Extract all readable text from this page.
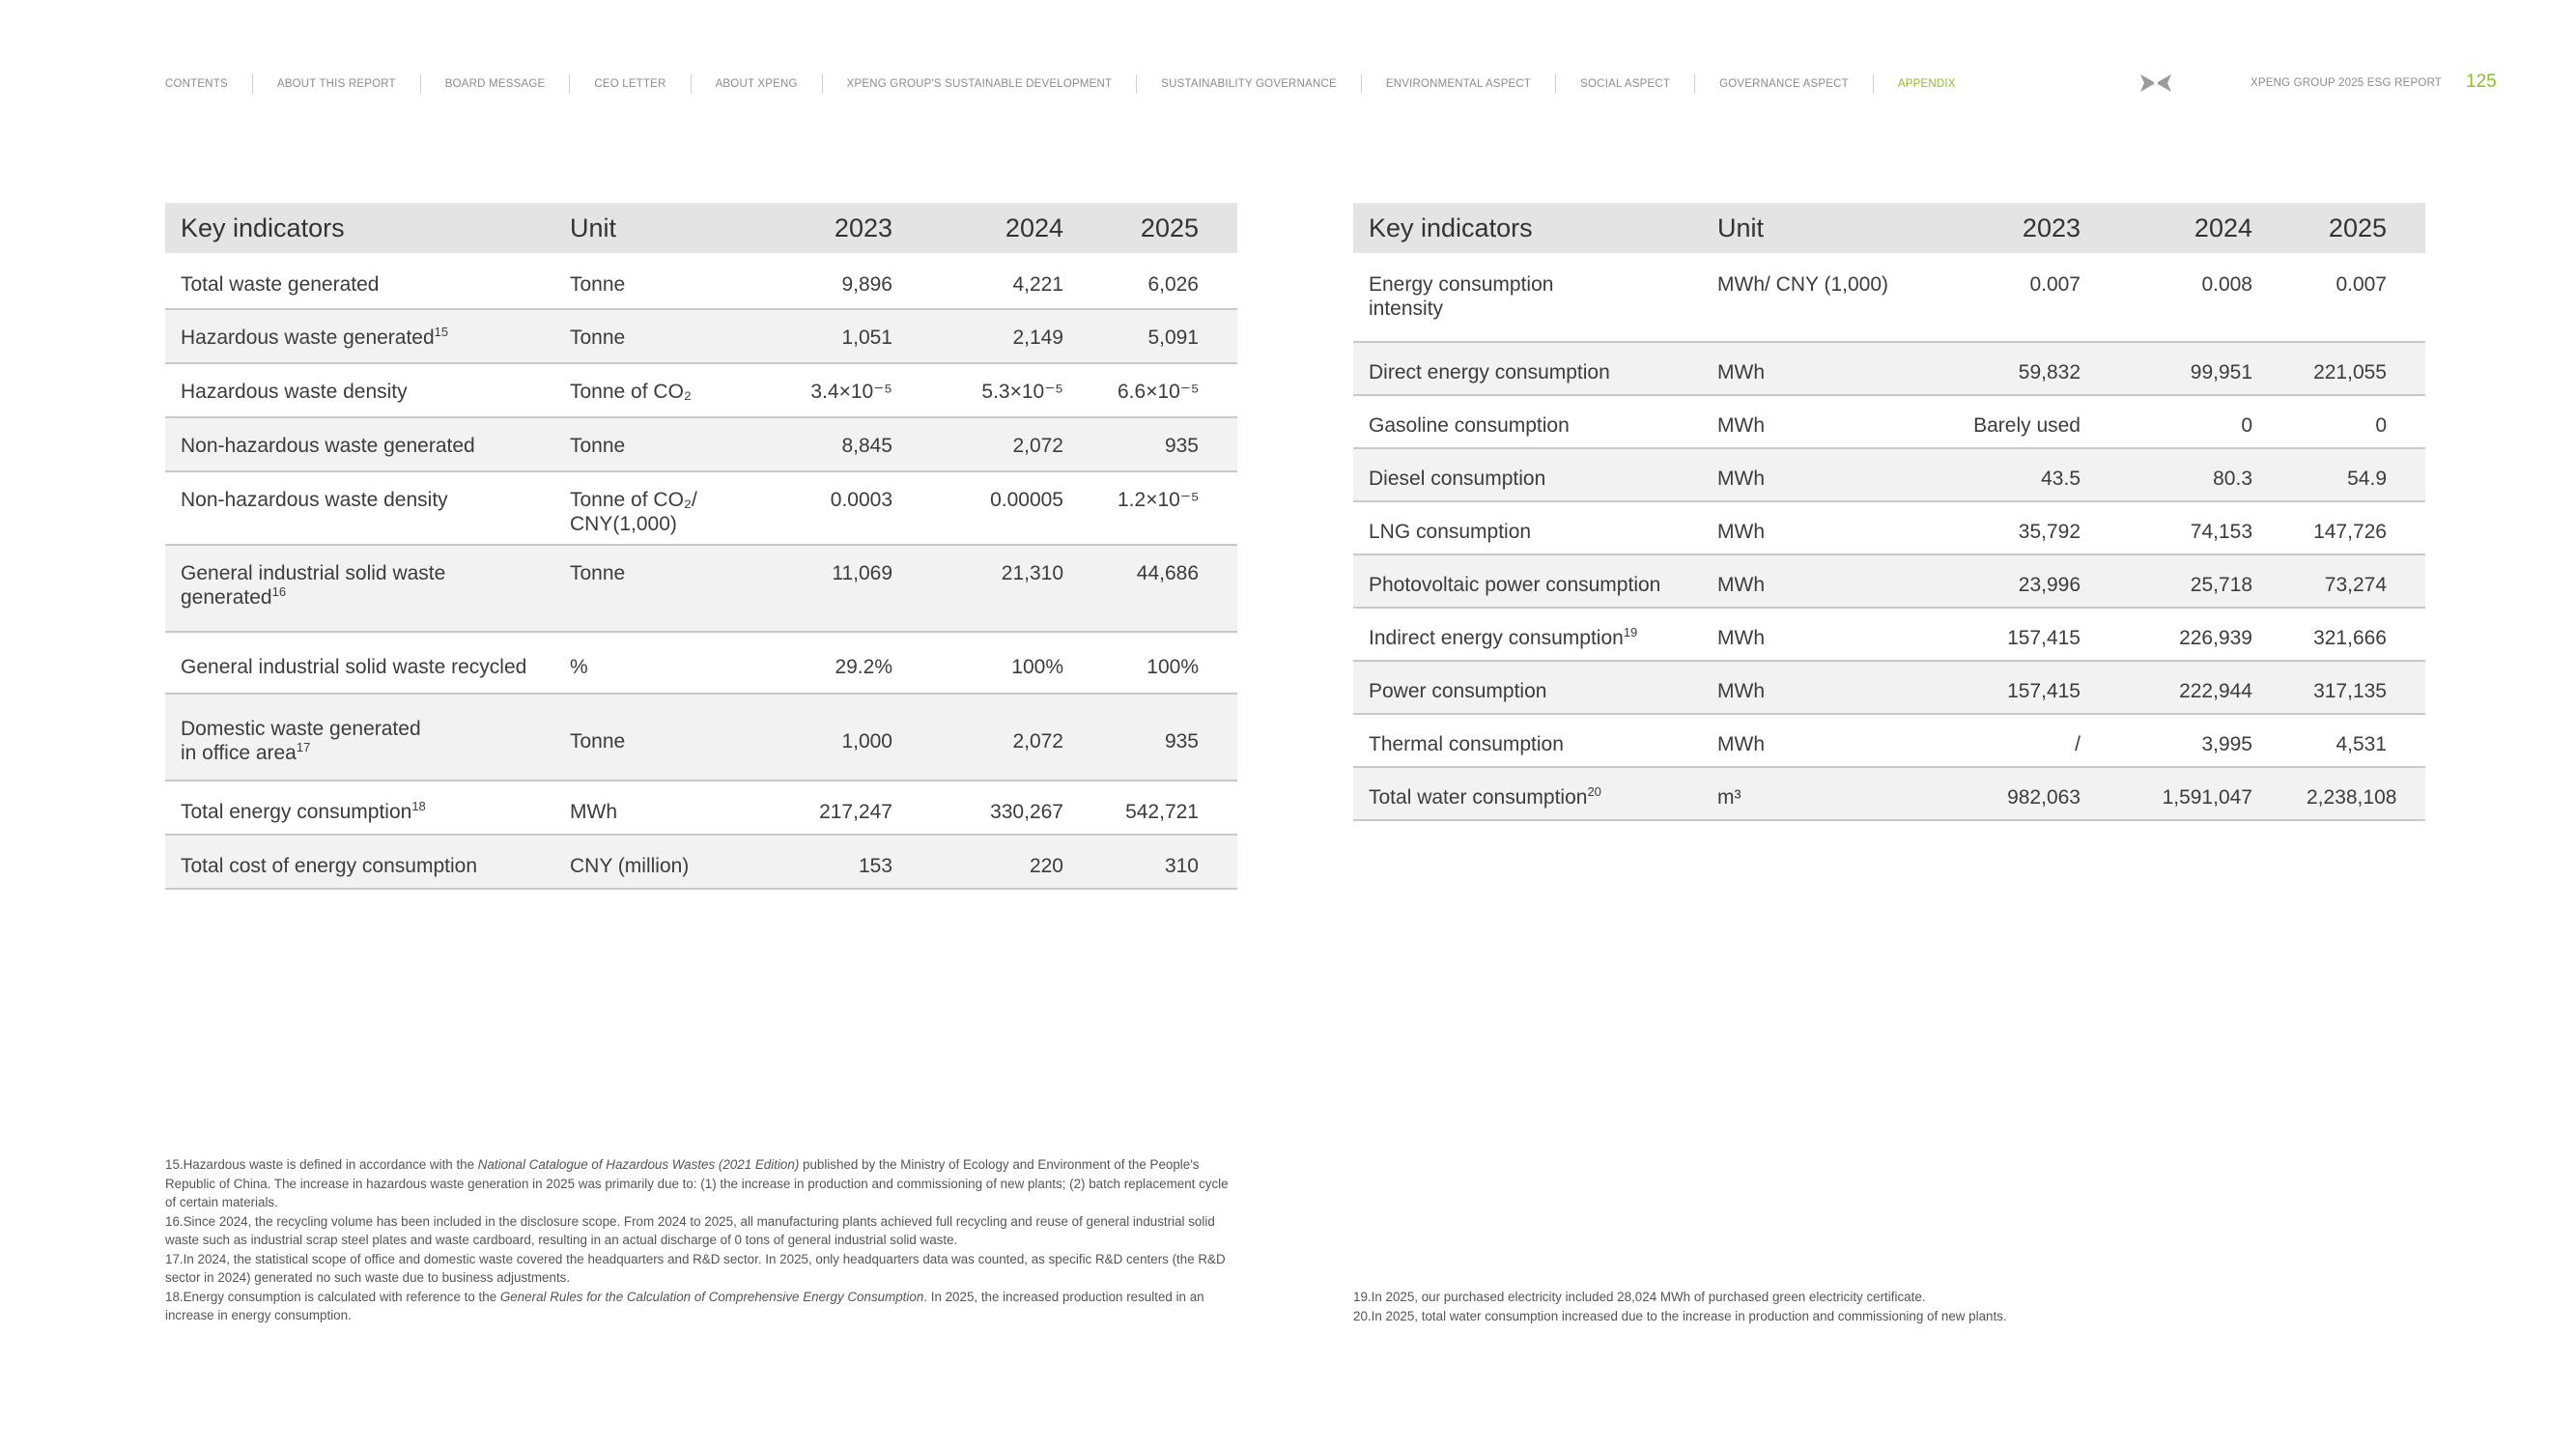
CONTENTS	ABOUT THIS REPORT	BOARD MESSAGE	CEO LETTER	ABOUT XPENG	XPENG GROUP'S SUSTAINABLE DEVELOPMENT	SUSTAINABILITY GOVERNANCE	ENVIRONMENTAL ASPECT	SOCIAL ASPECT	GOVERNANCE ASPECT	APPENDIX	XPENG GROUP 2025 ESG REPORT 125
Key indicators	Unit	2023	2024	2025
Total waste generated	Tonne	9,896	4,221	6,026
Hazardous waste generated$^{15}$	Tonne	1,051	2,149	5,091
Hazardous waste density	Tonne of CO₂	3.4×10⁻⁵	5.3×10⁻⁵	6.6×10⁻⁵
Non-hazardous waste generated	Tonne	8,845	2,072	935
Non-hazardous waste density	Tonne of CO₂/ CNY(1,000)	0.0003	0.00005	1.2×10⁻⁵
General industrial solid waste generated$^{16}$	Tonne	11,069	21,310	44,686
General industrial solid waste recycled	%	29.2%	100%	100%
Domestic waste generated in office area$^{17}$	Tonne	1,000	2,072	935
Total energy consumption$^{18}$	MWh	217,247	330,267	542,721
Total cost of energy consumption	CNY (million)	153	220	310
Key indicators	Unit	2023	2024	2025
Energy consumption intensity	MWh/ CNY (1,000)	0.007	0.008	0.007
Direct energy consumption	MWh	59,832	99,951	221,055
Gasoline consumption	MWh	Barely used	0	0
Diesel consumption	MWh	43.5	80.3	54.9
LNG consumption	MWh	35,792	74,153	147,726
Photovoltaic power consumption	MWh	23,996	25,718	73,274
Indirect energy consumption$^{19}$	MWh	157,415	226,939	321,666
Power consumption	MWh	157,415	222,944	317,135
Thermal consumption	MWh	/	3,995	4,531
Total water consumption$^{20}$	m³	982,063	1,591,047	2,238,108

15.Hazardous waste is defined in accordance with the National Catalogue of Hazardous Wastes (2021 Edition) published by the Ministry of Ecology and Environment of the People's Republic of China. The increase in hazardous waste generation in 2025 was primarily due to: (1) the increase in production and commissioning of new plants; (2) batch replacement cycle of certain materials.

16.Since 2024, the recycling volume has been included in the disclosure scope. From 2024 to 2025, all manufacturing plants achieved full recycling and reuse of general industrial solid waste such as industrial scrap steel plates and waste cardboard, resulting in an actual discharge of 0 tons of general industrial solid waste.

17.In 2024, the statistical scope of office and domestic waste covered the headquarters and R&D sector. In 2025, only headquarters data was counted, as specific R&D centers (the R&D sector in 2024) generated no such waste due to business adjustments.

18.Energy consumption is calculated with reference to the General Rules for the Calculation of Comprehensive Energy Consumption. In 2025, the increased production resulted in an increase in energy consumption.

19.In 2025, our purchased electricity included 28,024 MWh of purchased green electricity certificate.

20.In 2025, total water consumption increased due to the increase in production and commissioning of new plants.
